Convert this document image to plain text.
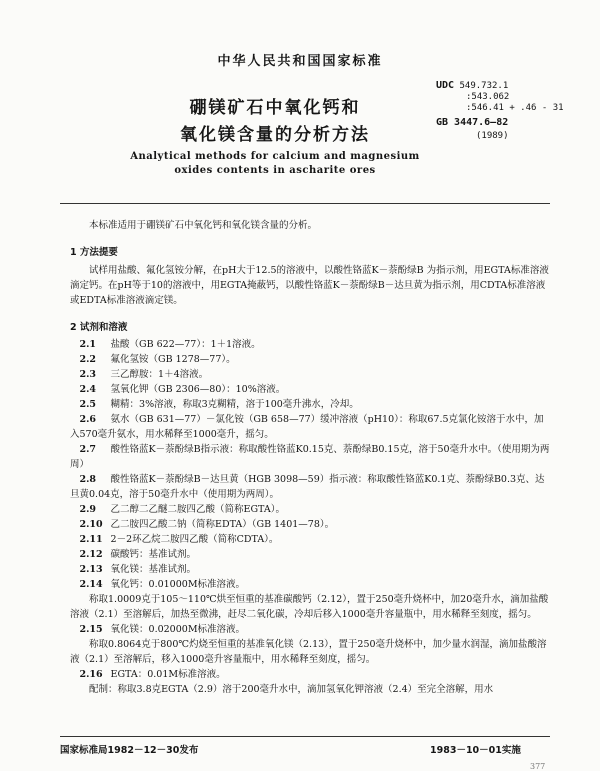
中华人民共和国国家标准
UDC 549.732.1
:543.062
:546.41 + .46 - 31
GB 3447.6—82
(1989)
硼镁矿石中氧化钙和
氧化镁含量的分析方法
Analytical methods for calcium and magnesium
oxides contents in ascharite ores

本标准适用于硼镁矿石中氧化钙和氧化镁含量的分析。

1 方法提要

试样用盐酸、氟化氢铵分解，在pH大于12.5的溶液中，以酸性铬蓝K－萘酚绿B 为指示剂，用EGTA标准溶液滴定钙。在pH等于10的溶液中，用EGTA掩蔽钙，以酸性铬蓝K－萘酚绿B－达旦黄为指示剂，用CDTA标准溶液或EDTA标准溶液滴定镁。

2 试剂和溶液

2.1 盐酸（GB 622—77）：1＋1溶液。

2.2 氟化氢铵（GB 1278—77）。

2.3 三乙醇胺：1＋4溶液。

2.4 氢氧化钾（GB 2306—80）：10%溶液。

2.5 糊精：3%溶液，称取3克糊精，溶于100毫升沸水，冷却。

2.6 氨水（GB 631—77）－氯化铵（GB 658—77）缓冲溶液（pH10）：称取67.5克氯化铵溶于水中，加入570毫升氨水，用水稀释至1000毫升，摇匀。

2.7 酸性铬蓝K－萘酚绿B指示液：称取酸性铬蓝K0.15克、萘酚绿B0.15克，溶于50毫升水中。（使用期为两周）

2.8 酸性铬蓝K－萘酚绿B－达旦黄（HGB 3098—59）指示液：称取酸性铬蓝K0.1克、萘酚绿B0.3克、达旦黄0.04克，溶于50毫升水中（使用期为两周）。

2.9 乙二醇二乙醚二胺四乙酸（简称EGTA）。

2.10 乙二胺四乙酸二钠（简称EDTA）（GB 1401—78）。

2.11 2－2环乙烷二胺四乙酸（简称CDTA）。

2.12 碳酸钙：基准试剂。

2.13 氧化镁：基准试剂。

2.14 氧化钙：0.01000M标准溶液。

称取1.0009克于105～110℃烘至恒重的基准碳酸钙（2.12），置于250毫升烧杯中，加20毫升水，滴加盐酸溶液（2.1）至溶解后，加热至微沸，赶尽二氧化碳，冷却后移入1000毫升容量瓶中，用水稀释至刻度，摇匀。

2.15 氧化镁：0.02000M标准溶液。

称取0.8064克于800℃灼烧至恒重的基准氧化镁（2.13），置于250毫升烧杯中，加少量水润湿，滴加盐酸溶液（2.1）至溶解后，移入1000毫升容量瓶中，用水稀释至刻度，摇匀。

2.16 EGTA：0.01M标准溶液。

配制：称取3.8克EGTA（2.9）溶于200毫升水中，滴加氢氧化钾溶液（2.4）至完全溶解，用水

国家标准局1982－12－30发布	1983－10－01实施
377
